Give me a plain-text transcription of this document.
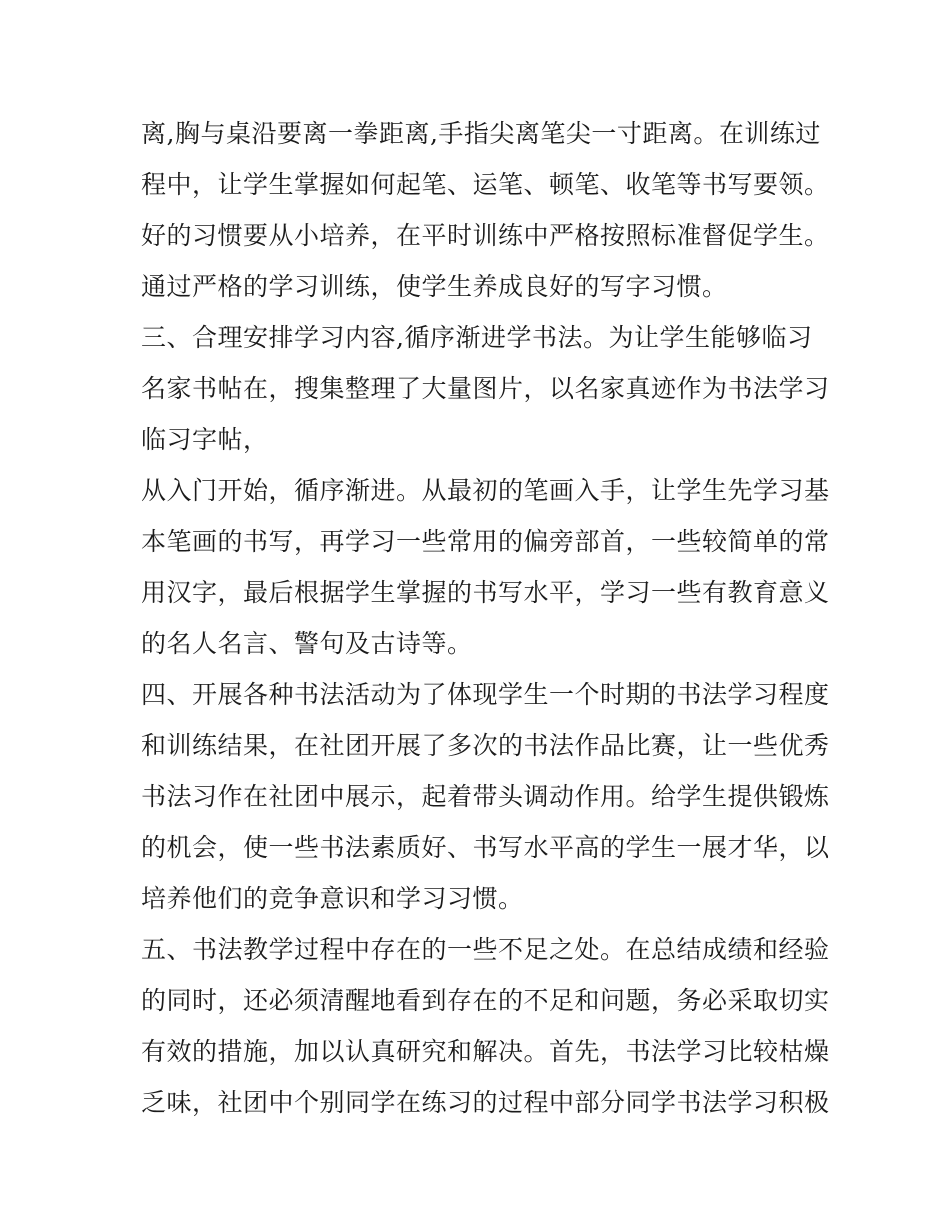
离,胸与桌沿要离一拳距离,手指尖离笔尖一寸距离。在训练过
程中，让学生掌握如何起笔、运笔、顿笔、收笔等书写要领。
好的习惯要从小培养，在平时训练中严格按照标准督促学生。
通过严格的学习训练，使学生养成良好的写字习惯。
三、合理安排学习内容,循序渐进学书法。为让学生能够临习
名家书帖在，搜集整理了大量图片，以名家真迹作为书法学习
临习字帖，
从入门开始，循序渐进。从最初的笔画入手，让学生先学习基
本笔画的书写，再学习一些常用的偏旁部首，一些较简单的常
用汉字，最后根据学生掌握的书写水平，学习一些有教育意义
的名人名言、警句及古诗等。
四、开展各种书法活动为了体现学生一个时期的书法学习程度
和训练结果，在社团开展了多次的书法作品比赛，让一些优秀
书法习作在社团中展示，起着带头调动作用。给学生提供锻炼
的机会，使一些书法素质好、书写水平高的学生一展才华，以
培养他们的竞争意识和学习习惯。
五、书法教学过程中存在的一些不足之处。在总结成绩和经验
的同时，还必须清醒地看到存在的不足和问题，务必采取切实
有效的措施，加以认真研究和解决。首先，书法学习比较枯燥
乏味，社团中个别同学在练习的过程中部分同学书法学习积极
